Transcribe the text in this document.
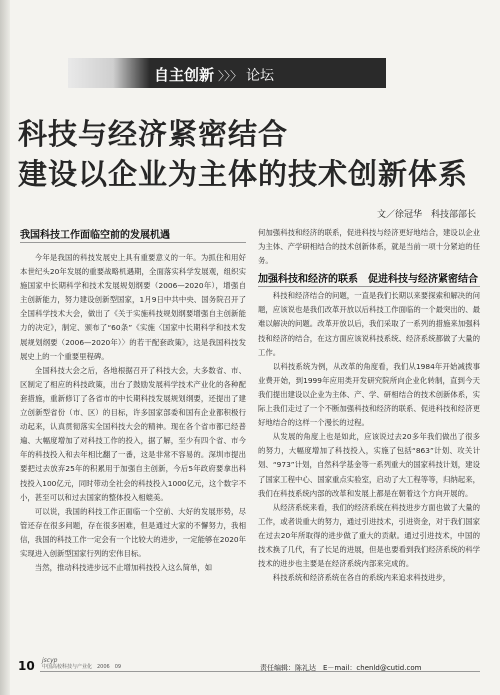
自主创新 〉〉〉 论坛
科技与经济紧密结合
建设以企业为主体的技术创新体系
文／徐冠华　科技部部长
我国科技工作面临空前的发展机遇

今年是我国的科技发展史上具有重要意义的一年。为抓住和用好本世纪头20年发展的重要战略机遇期，全面落实科学发展观，组织实施国家中长期科学和技术发展规划纲要（2006—2020年），增强自主创新能力，努力建设创新型国家，1月9日中共中央、国务院召开了全国科学技术大会，做出了《关于实施科技规划纲要增强自主创新能力的决定》，制定、颁布了“60条”《实施〈国家中长期科学和技术发展规划纲要（2006—2020年）〉的若干配套政策》，这是我国科技发展史上的一个重要里程碑。

全国科技大会之后，各地根据召开了科技大会，大多数省、市、区制定了相应的科技政策，出台了鼓励发展科学技术产业化的各种配套措施，重新修订了各省市的中长期科技发展规划纲要，还提出了建立创新型省份（市、区）的目标，许多国家部委和国有企业都积极行动起来，认真贯彻落实全国科技大会的精神。现在各个省市都已经普遍、大幅度增加了对科技工作的投入，据了解，至少有四个省、市今年的科技投入和去年相比翻了一番，这是非常不容易的。深圳市提出要把过去放弃25年的积累用于加强自主创新，今后5年政府要拿出科技投入100亿元，同时带动全社会的科技投入1000亿元，这个数字不小，甚至可以和过去国家的整体投入相媲美。

可以说，我国的科技工作正面临一个空前、大好的发展形势，尽管还存在很多问题，存在很多困难，但是通过大家的不懈努力，我相信，我国的科技工作一定会有一个比较大的进步，一定能够在2020年实现进入创新型国家行列的宏伟目标。

当然，推动科技进步远不止增加科技投入这么简单，如

何加强科技和经济的联系，促进科技与经济更好地结合，建设以企业为主体、产学研相结合的技术创新体系，就是当前一项十分紧迫的任务。

加强科技和经济的联系　促进科技与经济紧密结合

科技和经济结合的问题，一直是我们长期以来要探索和解决的问题，应该说也是我们改革开放以后科技工作面临的一个最突出的、最难以解决的问题。改革开放以后，我们采取了一系列的措施来加强科技和经济的结合，在这方面应该说科技系统、经济系统都做了大量的工作。

以科技系统为例，从改革的角度看，我们从1984年开始减拨事业费开始，到1999年应用类开发研究院所向企业化转制，直到今天我们提出建设以企业为主体、产、学、研相结合的技术创新体系，实际上我们走过了一个不断加强科技和经济的联系、促进科技和经济更好地结合的这样一个漫长的过程。

从发展的角度上也是如此，应该说过去20多年我们做出了很多的努力，大幅度增加了科技投入，实施了包括“863”计划、攻关计划、“973”计划，自然科学基金等一系列重大的国家科技计划，建设了国家工程中心、国家重点实验室，启动了大工程等等，归纳起来，我们在科技系统内部的改革和发展上都是在朝着这个方向开展的。

从经济系统来看，我们的经济系统在科技进步方面也做了大量的工作，或者说重大的努力，通过引进技术，引进资金，对于我们国家在过去20年所取得的进步做了重大的贡献。通过引进技术，中国的技术换了几代，有了长足的进展，但是也要看到我们经济系统的科学技术的进步也主要是在经济系统内部来完成的。

科技系统和经济系统在各自的系统内来追求科技进步，

10 jscyp
中国高校科技与产业化　2006　09	责任编辑：陈礼达　E－mail：chenld@cutid.com
